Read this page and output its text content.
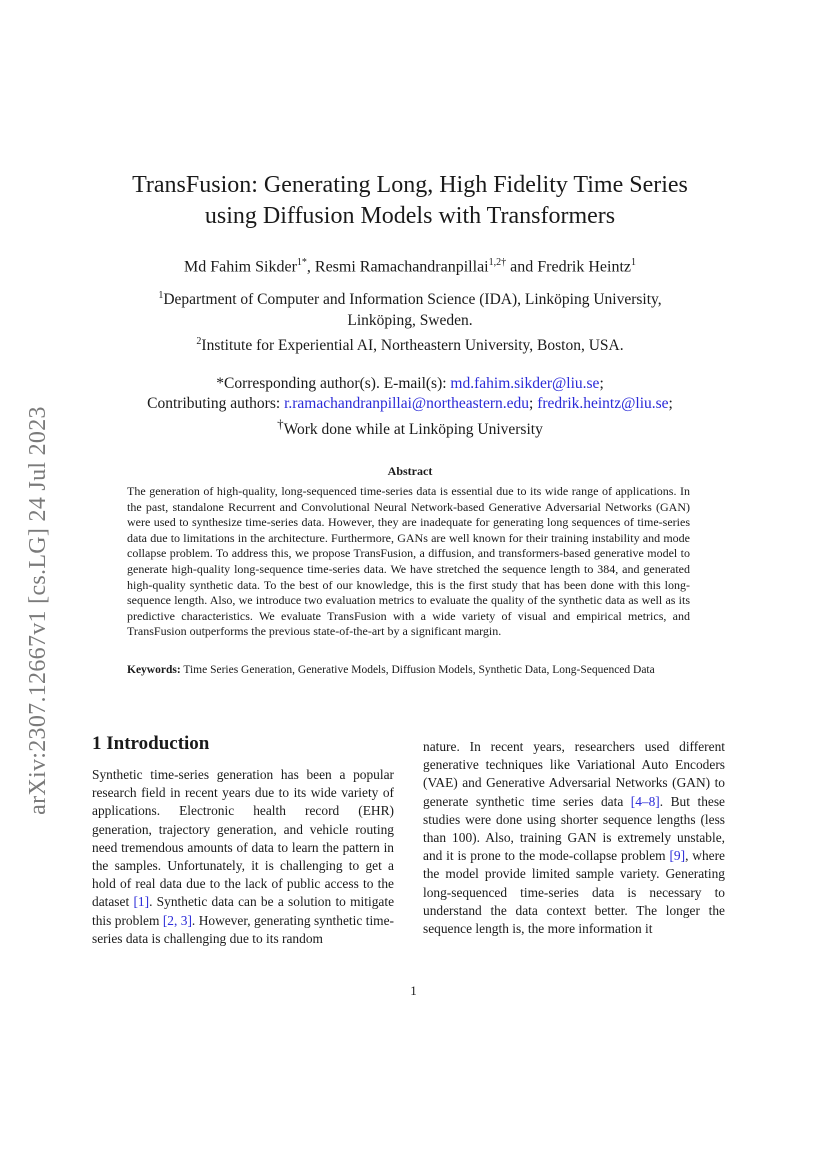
arXiv:2307.12667v1 [cs.LG] 24 Jul 2023
TransFusion: Generating Long, High Fidelity Time Series
using Diffusion Models with Transformers
Md Fahim Sikder$^{1*}$, Resmi Ramachandranpillai$^{1,2\dagger}$ and Fredrik Heintz$^1$
$^1$Department of Computer and Information Science (IDA), Linköping University,
Linköping, Sweden.
$^2$Institute for Experiential AI, Northeastern University, Boston, USA.
*Corresponding author(s). E-mail(s): md.fahim.sikder@liu.se;
Contributing authors: r.ramachandranpillai@northeastern.edu; fredrik.heintz@liu.se;
†Work done while at Linköping University
Abstract
The generation of high-quality, long-sequenced time-series data is essential due to its wide range of applications. In the past, standalone Recurrent and Convolutional Neural Network-based Generative Adversarial Networks (GAN) were used to synthesize time-series data. However, they are inadequate for generating long sequences of time-series data due to limitations in the architecture. Furthermore, GANs are well known for their training instability and mode collapse problem. To address this, we propose TransFusion, a diffusion, and transformers-based generative model to generate high-quality long-sequence time-series data. We have stretched the sequence length to 384, and generated high-quality synthetic data. To the best of our knowledge, this is the first study that has been done with this long-sequence length. Also, we introduce two evaluation metrics to evaluate the quality of the synthetic data as well as its predictive characteristics. We evaluate TransFusion with a wide variety of visual and empirical metrics, and TransFusion outperforms the previous state-of-the-art by a significant margin.
Keywords: Time Series Generation, Generative Models, Diffusion Models, Synthetic Data, Long-Sequenced Data
1 Introduction
Synthetic time-series generation has been a popular research field in recent years due to its wide variety of applications. Electronic health record (EHR) generation, trajectory generation, and vehicle routing need tremendous amounts of data to learn the pattern in the samples. Unfortunately, it is challenging to get a hold of real data due to the lack of public access to the dataset [1]. Synthetic data can be a solution to mitigate this problem [2, 3]. However, generating synthetic time-series data is challenging due to its random
nature. In recent years, researchers used different generative techniques like Variational Auto Encoders (VAE) and Generative Adversarial Networks (GAN) to generate synthetic time series data [4–8]. But these studies were done using shorter sequence lengths (less than 100). Also, training GAN is extremely unstable, and it is prone to the mode-collapse problem [9], where the model provide limited sample variety. Generating long-sequenced time-series data is necessary to understand the data context better. The longer the sequence length is, the more information it
1
